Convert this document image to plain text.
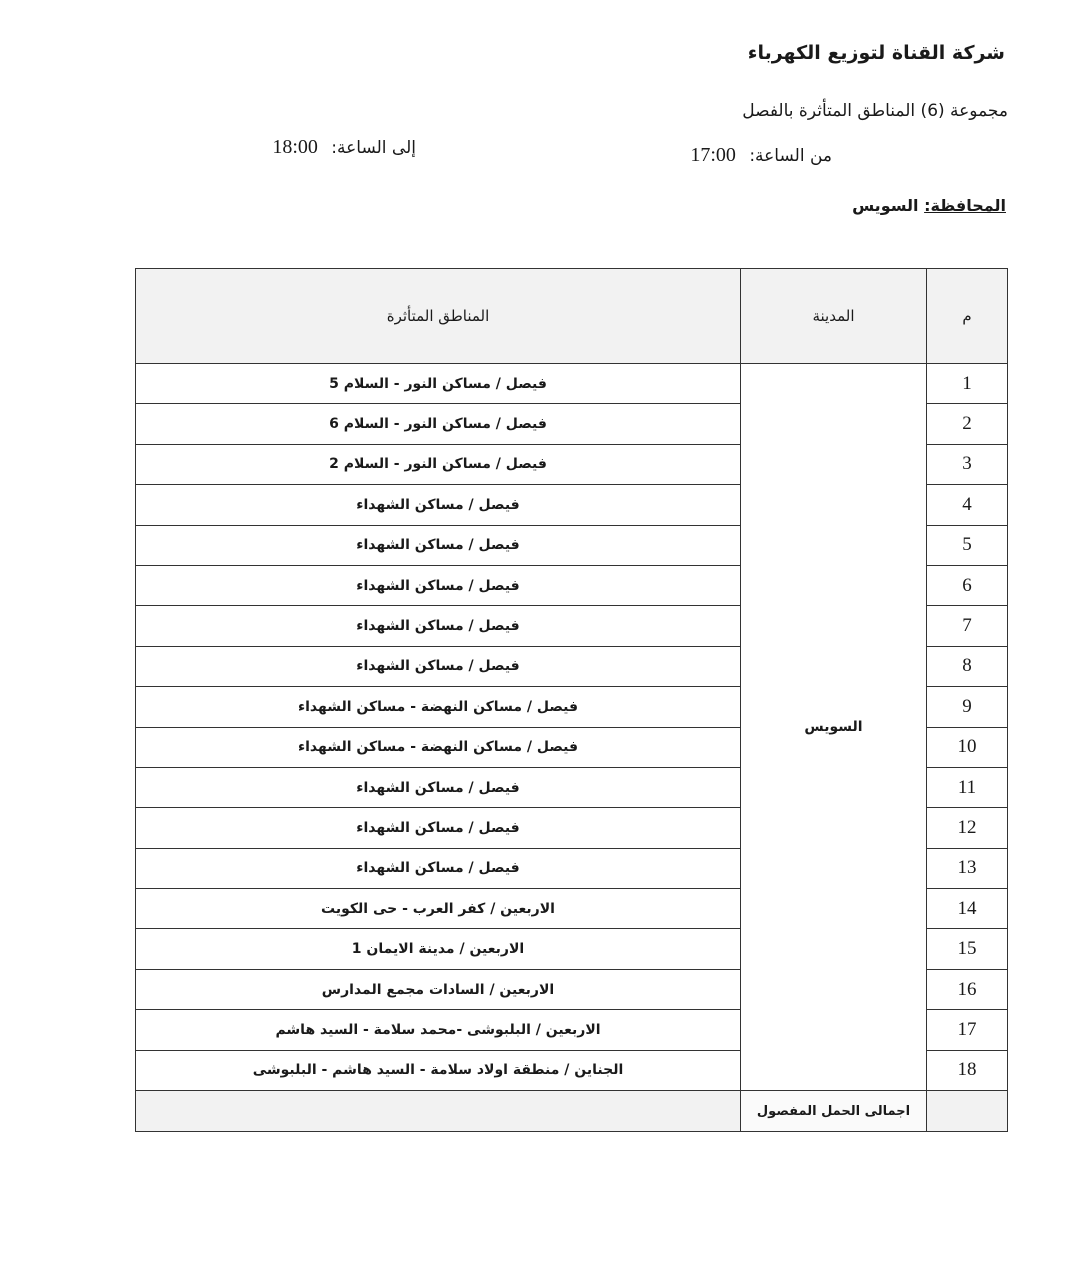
شركة القناة لتوزيع الكهرباء
مجموعة (6) المناطق المتأثرة بالفصل
من الساعة: 17:00
إلى الساعة: 18:00
المحافظة: السويس
م	المدينة	المناطق المتأثرة
1	السويس	فيصل / مساكن النور - السلام 5
2		فيصل / مساكن النور - السلام 6
3		فيصل / مساكن النور - السلام 2
4		فيصل / مساكن الشهداء
5		فيصل / مساكن الشهداء
6		فيصل / مساكن الشهداء
7		فيصل / مساكن الشهداء
8		فيصل / مساكن الشهداء
9		فيصل / مساكن النهضة - مساكن الشهداء
10		فيصل / مساكن النهضة - مساكن الشهداء
11		فيصل / مساكن الشهداء
12		فيصل / مساكن الشهداء
13		فيصل / مساكن الشهداء
14		الاربعين / كفر العرب - حى الكويت
15		الاربعين / مدينة الايمان 1
16		الاربعين / السادات مجمع المدارس
17		الاربعين / البلبوشى -محمد سلامة - السيد هاشم
18		الجناين / منطقة اولاد سلامة - السيد هاشم - البلبوشى
	اجمالى الحمل المفصول	
